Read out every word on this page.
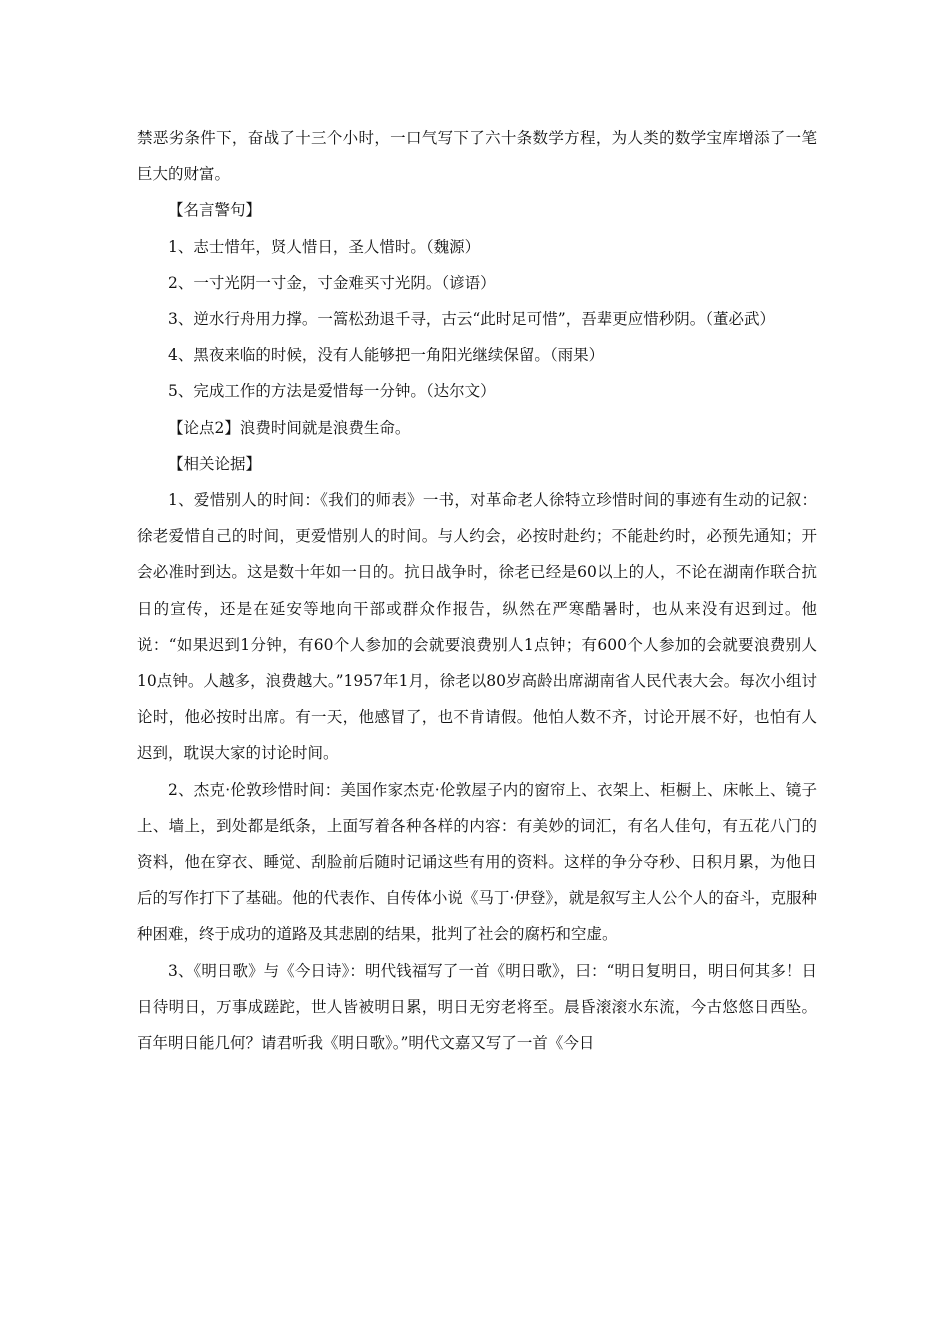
禁恶劣条件下，奋战了十三个小时，一口气写下了六十条数学方程，为人类的数学宝库增添了一笔巨大的财富。

【名言警句】

1、志士惜年，贤人惜日，圣人惜时。（魏源）

2、一寸光阴一寸金，寸金难买寸光阴。（谚语）

3、逆水行舟用力撑。一篙松劲退千寻，古云“此时足可惜”，吾辈更应惜秒阴。（董必武）

4、黑夜来临的时候，没有人能够把一角阳光继续保留。（雨果）

5、完成工作的方法是爱惜每一分钟。（达尔文）

【论点2】浪费时间就是浪费生命。

【相关论据】

1、爱惜别人的时间：《我们的师表》一书，对革命老人徐特立珍惜时间的事迹有生动的记叙：徐老爱惜自己的时间，更爱惜别人的时间。与人约会，必按时赴约；不能赴约时，必预先通知；开会必准时到达。这是数十年如一日的。抗日战争时，徐老已经是60以上的人，不论在湖南作联合抗日的宣传，还是在延安等地向干部或群众作报告，纵然在严寒酷暑时，也从来没有迟到过。他说：“如果迟到1分钟，有60个人参加的会就要浪费别人1点钟；有600个人参加的会就要浪费别人10点钟。人越多，浪费越大。”1957年1月，徐老以80岁高龄出席湖南省人民代表大会。每次小组讨论时，他必按时出席。有一天，他感冒了，也不肯请假。他怕人数不齐，讨论开展不好，也怕有人迟到，耽误大家的讨论时间。

2、杰克·伦敦珍惜时间：美国作家杰克·伦敦屋子内的窗帘上、衣架上、柜橱上、床帐上、镜子上、墙上，到处都是纸条，上面写着各种各样的内容：有美妙的词汇，有名人佳句，有五花八门的资料，他在穿衣、睡觉、刮脸前后随时记诵这些有用的资料。这样的争分夺秒、日积月累，为他日后的写作打下了基础。他的代表作、自传体小说《马丁·伊登》，就是叙写主人公个人的奋斗，克服种种困难，终于成功的道路及其悲剧的结果，批判了社会的腐朽和空虚。

3、《明日歌》与《今日诗》：明代钱福写了一首《明日歌》，曰：“明日复明日，明日何其多！日日待明日，万事成蹉跎，世人皆被明日累，明日无穷老将至。晨昏滚滚水东流，今古悠悠日西坠。百年明日能几何？请君听我《明日歌》。”明代文嘉又写了一首《今日
